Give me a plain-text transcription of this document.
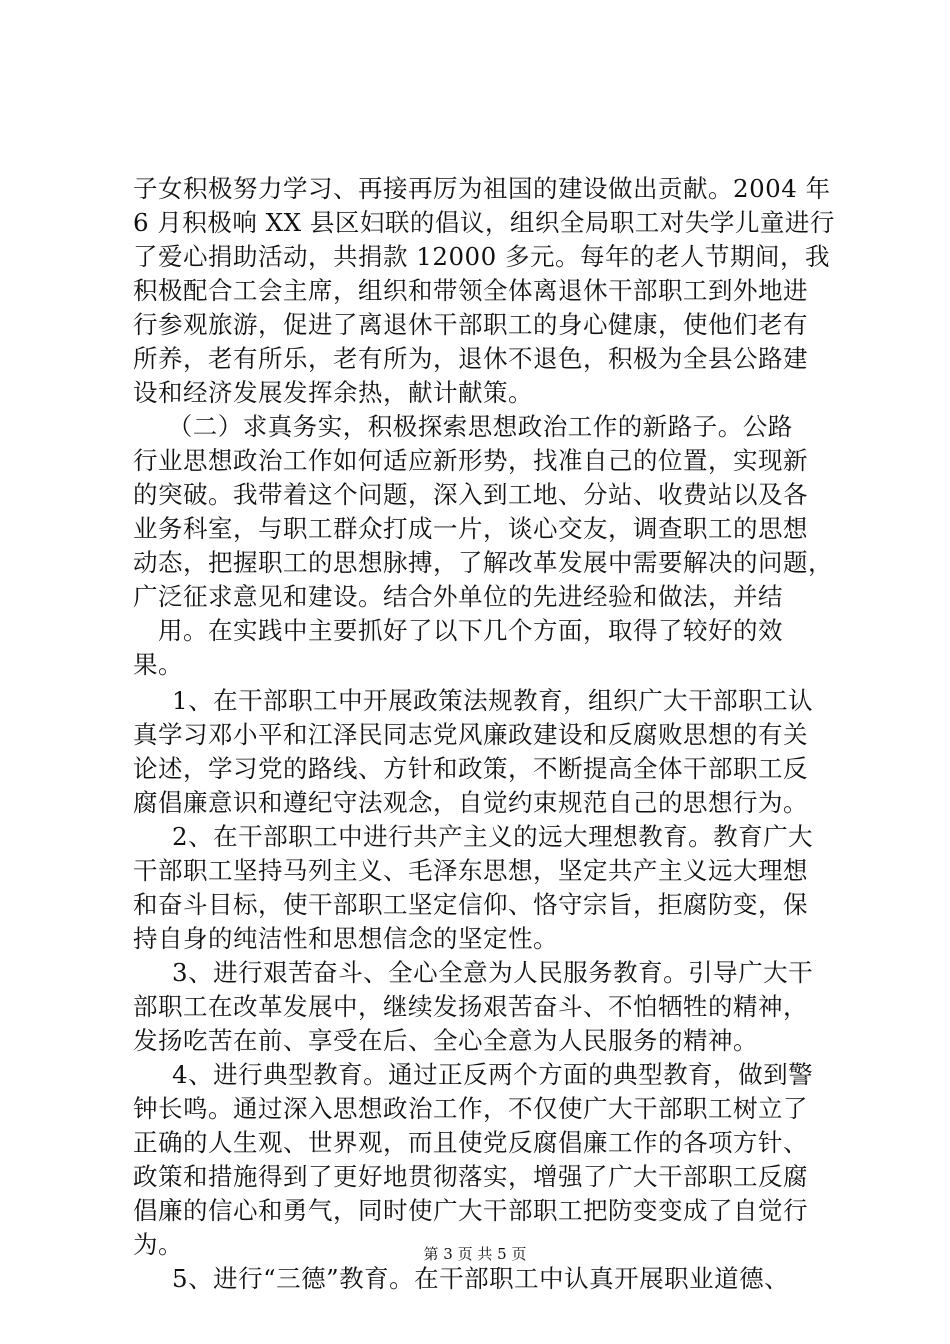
子女积极努力学习、再接再厉为祖国的建设做出贡献。2004 年
6 月积极响 XX 县区妇联的倡议，组织全局职工对失学儿童进行
了爱心捐助活动，共捐款 12000 多元。每年的老人节期间，我
积极配合工会主席，组织和带领全体离退休干部职工到外地进
行参观旅游，促进了离退休干部职工的身心健康，使他们老有
所养，老有所乐，老有所为，退休不退色，积极为全县公路建
设和经济发展发挥余热，献计献策。
　（二）求真务实，积极探索思想政治工作的新路子。公路
行业思想政治工作如何适应新形势，找准自己的位置，实现新
的突破。我带着这个问题，深入到工地、分站、收费站以及各
业务科室，与职工群众打成一片，谈心交友，调查职工的思想
动态，把握职工的思想脉搏，了解改革发展中需要解决的问题，
广泛征求意见和建设。结合外单位的先进经验和做法，并结
　用。在实践中主要抓好了以下几个方面，取得了较好的效
果。
　1、在干部职工中开展政策法规教育，组织广大干部职工认
真学习邓小平和江泽民同志党风廉政建设和反腐败思想的有关
论述，学习党的路线、方针和政策，不断提高全体干部职工反
腐倡廉意识和遵纪守法观念，自觉约束规范自己的思想行为。
　2、在干部职工中进行共产主义的远大理想教育。教育广大
干部职工坚持马列主义、毛泽东思想，坚定共产主义远大理想
和奋斗目标，使干部职工坚定信仰、恪守宗旨，拒腐防变，保
持自身的纯洁性和思想信念的坚定性。
　3、进行艰苦奋斗、全心全意为人民服务教育。引导广大干
部职工在改革发展中，继续发扬艰苦奋斗、不怕牺牲的精神，
发扬吃苦在前、享受在后、全心全意为人民服务的精神。
　4、进行典型教育。通过正反两个方面的典型教育，做到警
钟长鸣。通过深入思想政治工作，不仅使广大干部职工树立了
正确的人生观、世界观，而且使党反腐倡廉工作的各项方针、
政策和措施得到了更好地贯彻落实，增强了广大干部职工反腐
倡廉的信心和勇气，同时使广大干部职工把防变变成了自觉行
为。
　5、进行“三德”教育。在干部职工中认真开展职业道德、
第 3 页 共 5 页
